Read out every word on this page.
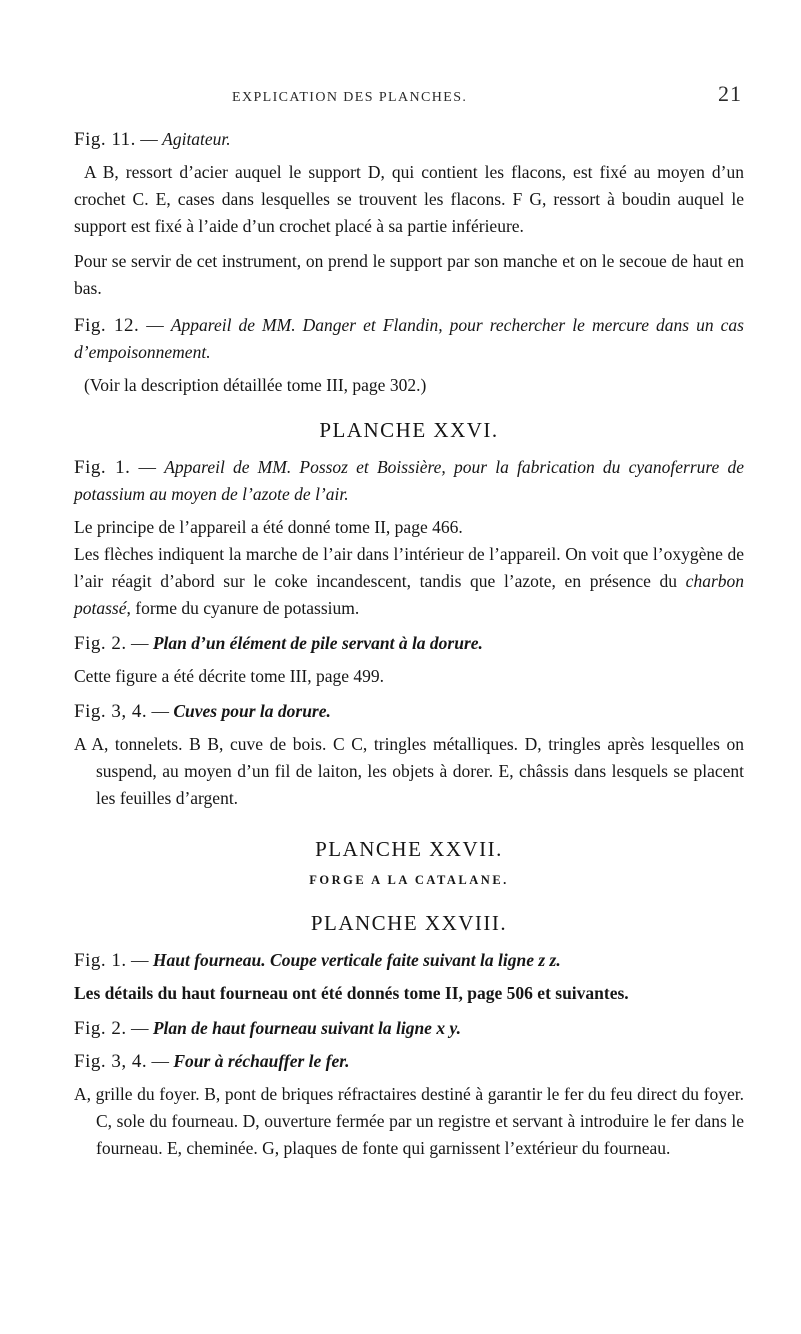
EXPLICATION DES PLANCHES.	21

Fig. 11. — Agitateur.

A B, ressort d’acier auquel le support D, qui contient les flacons, est fixé au moyen d’un crochet C. E, cases dans lesquelles se trouvent les flacons. F G, ressort à boudin auquel le support est fixé à l’aide d’un crochet placé à sa partie inférieure.

Pour se servir de cet instrument, on prend le support par son manche et on le secoue de haut en bas.

Fig. 12. — Appareil de MM. Danger et Flandin, pour rechercher le mercure dans un cas d’empoisonnement.

(Voir la description détaillée tome III, page 302.)

PLANCHE XXVI.

Fig. 1. — Appareil de MM. Possoz et Boissière, pour la fabrication du cyanoferrure de potassium au moyen de l’azote de l’air.

Le principe de l’appareil a été donné tome II, page 466.

Les flèches indiquent la marche de l’air dans l’intérieur de l’appareil. On voit que l’oxygène de l’air réagit d’abord sur le coke incandescent, tandis que l’azote, en présence du charbon potassé, forme du cyanure de potassium.

Fig. 2. — Plan d’un élément de pile servant à la dorure.

Cette figure a été décrite tome III, page 499.

Fig. 3, 4. — Cuves pour la dorure.

A A, tonnelets. B B, cuve de bois. C C, tringles métalliques. D, tringles après lesquelles on suspend, au moyen d’un fil de laiton, les objets à dorer. E, châssis dans lesquels se placent les feuilles d’argent.

PLANCHE XXVII.

FORGE A LA CATALANE.

PLANCHE XXVIII.

Fig. 1. — Haut fourneau. Coupe verticale faite suivant la ligne z z.

Les détails du haut fourneau ont été donnés tome II, page 506 et suivantes.

Fig. 2. — Plan de haut fourneau suivant la ligne x y.

Fig. 3, 4. — Four à réchauffer le fer.

A, grille du foyer. B, pont de briques réfractaires destiné à garantir le fer du feu direct du foyer. C, sole du fourneau. D, ouverture fermée par un registre et servant à introduire le fer dans le fourneau. E, cheminée. G, plaques de fonte qui garnissent l’extérieur du fourneau.
